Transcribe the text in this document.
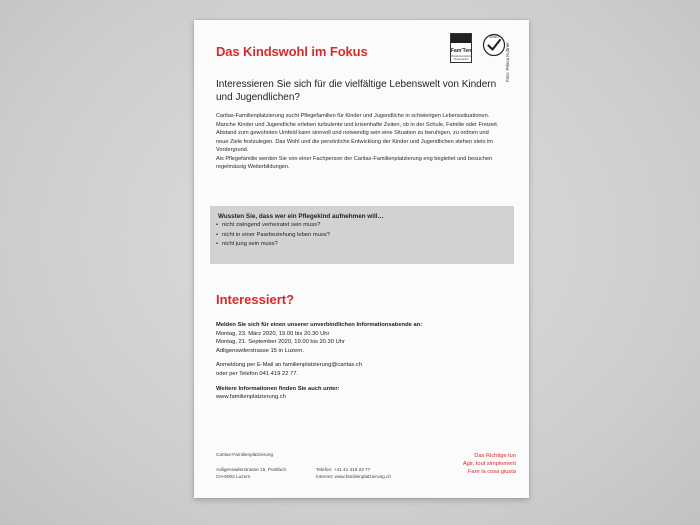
Das Kindswohl im Fokus	Fam’Ten
PrivatUnterstützte Organisation
ZEWO
Foto: Prisca Kuttner
Interessieren Sie sich für die vielfältige Lebenswelt von Kindern und Jugendlichen?

Caritas-Familienplatzierung sucht Pflegefamilien für Kinder und Jugendliche in schwierigen Lebenssituationen. Manche Kinder und Jugendliche erleben turbulente und krisenhafte Zeiten, ob in der Schule, Familie oder Freizeit. Abstand zum gewohnten Umfeld kann sinnvoll und notwendig sein eine Situation zu beruhigen, zu ordnen und neue Ziele festzulegen. Das Wohl und die persönliche Entwicklung der Kinder und Jugendlichen stehen stets im Vordergrund.

Als Pflegefamilie werden Sie von einer Fachperson der Caritas-Familienplatzierung eng begleitet und besuchen regelmässig Weiterbildungen.

Wussten Sie, dass wer ein Pflegekind aufnehmen will…
• nicht zwingend verheiratet sein muss?
• nicht in einer Paarbeziehung leben muss?
• nicht jung sein muss?
Interessiert?

Melden Sie sich für einen unserer unverbindlichen Informationsabende an:
Montag, 23. März 2020, 19.00 bis 20.30 Uhr
Montag, 21. September 2020, 19.00 bis 20.30 Uhr
Adligenswilerstrasse 15 in Luzern.

Anmeldung per E-Mail an familienplatzierung@caritas.ch
oder per Telefon 041 419 22 77.

Weitere Informationen finden Sie auch unter:
www.familienplatzierung.ch

Caritas-Familienplatzierung
Adligenswilerstrasse 15, Postfach
CH-6002 Luzern
Telefon: +41 41 419 22 77
Internet: www.familienplatzierung.ch
Das Richtige tun
Agir, tout simplement
Fare la cosa giusta
